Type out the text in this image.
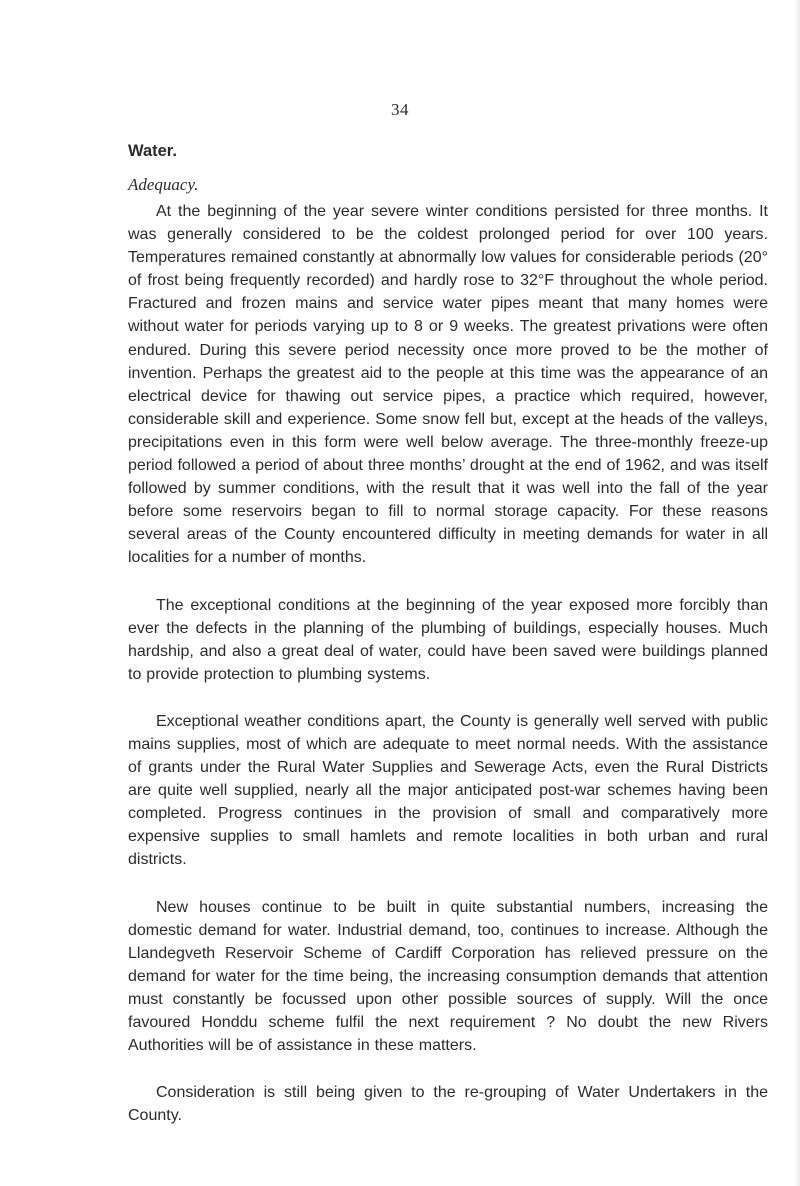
34
Water.
Adequacy.

At the beginning of the year severe winter conditions persisted for three months. It was generally considered to be the coldest prolonged period for over 100 years. Temperatures remained constantly at abnormally low values for considerable periods (20° of frost being frequently recorded) and hardly rose to 32°F throughout the whole period. Fractured and frozen mains and service water pipes meant that many homes were without water for periods varying up to 8 or 9 weeks. The greatest privations were often endured. During this severe period necessity once more proved to be the mother of invention. Perhaps the greatest aid to the people at this time was the appearance of an electrical device for thawing out service pipes, a practice which required, however, considerable skill and experience. Some snow fell but, except at the heads of the valleys, precipitations even in this form were well below average. The three-monthly freeze-up period followed a period of about three months’ drought at the end of 1962, and was itself followed by summer conditions, with the result that it was well into the fall of the year before some reservoirs began to fill to normal storage capacity. For these reasons several areas of the County encountered difficulty in meeting demands for water in all localities for a number of months.

The exceptional conditions at the beginning of the year exposed more forcibly than ever the defects in the planning of the plumbing of buildings, especially houses. Much hardship, and also a great deal of water, could have been saved were buildings planned to provide protection to plumbing systems.

Exceptional weather conditions apart, the County is generally well served with public mains supplies, most of which are adequate to meet normal needs. With the assistance of grants under the Rural Water Supplies and Sewerage Acts, even the Rural Districts are quite well supplied, nearly all the major anticipated post-war schemes having been completed. Progress continues in the provision of small and comparatively more expensive supplies to small hamlets and remote localities in both urban and rural districts.

New houses continue to be built in quite substantial numbers, increasing the domestic demand for water. Industrial demand, too, continues to increase. Although the Llandegveth Reservoir Scheme of Cardiff Corporation has relieved pressure on the demand for water for the time being, the increasing consumption demands that attention must constantly be focussed upon other possible sources of supply. Will the once favoured Honddu scheme fulfil the next requirement ? No doubt the new Rivers Authorities will be of assistance in these matters.

Consideration is still being given to the re-grouping of Water Undertakers in the County.
